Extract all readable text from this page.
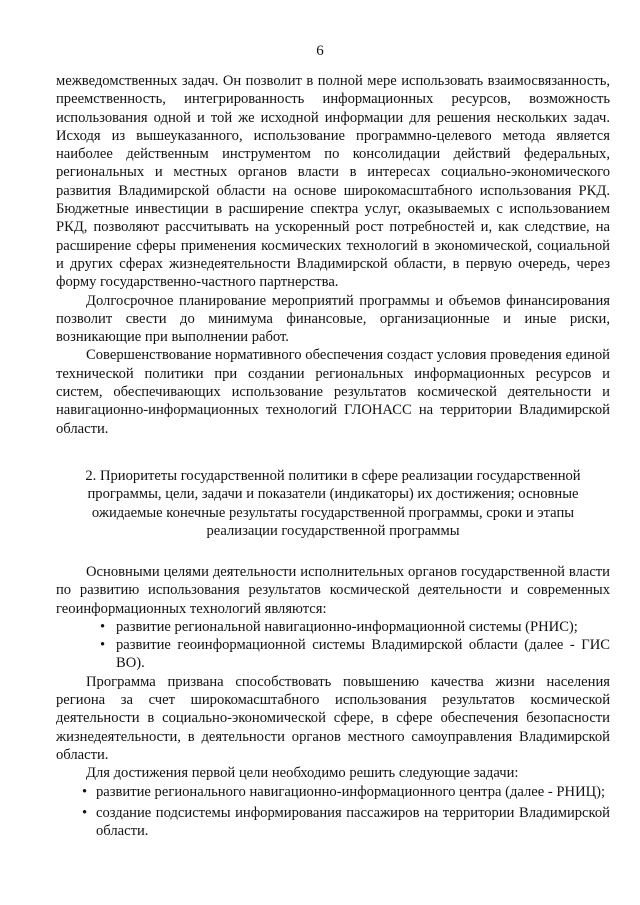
6

межведомственных задач. Он позволит в полной мере использовать взаимосвязанность, преемственность, интегрированность информационных ресурсов, возможность использования одной и той же исходной информации для решения нескольких задач. Исходя из вышеуказанного, использование программно-целевого метода является наиболее действенным инструментом по консолидации действий федеральных, региональных и местных органов власти в интересах социально-экономического развития Владимирской области на основе широкомасштабного использования РКД. Бюджетные инвестиции в расширение спектра услуг, оказываемых с использованием РКД, позволяют рассчитывать на ускоренный рост потребностей и, как следствие, на расширение сферы применения космических технологий в экономической, социальной и других сферах жизнедеятельности Владимирской области, в первую очередь, через форму государственно-частного партнерства.

Долгосрочное планирование мероприятий программы и объемов финансирования позволит свести до минимума финансовые, организационные и иные риски, возникающие при выполнении работ.

Совершенствование нормативного обеспечения создаст условия проведения единой технической политики при создании региональных информационных ресурсов и систем, обеспечивающих использование результатов космической деятельности и навигационно-информационных технологий ГЛОНАСС на территории Владимирской области.

2. Приоритеты государственной политики в сфере реализации государственной программы, цели, задачи и показатели (индикаторы) их достижения; основные ожидаемые конечные результаты государственной программы, сроки и этапы реализации государственной программы

Основными целями деятельности исполнительных органов государственной власти по развитию использования результатов космической деятельности и современных геоинформационных технологий являются:

• развитие региональной навигационно-информационной системы (РНИС);
• развитие геоинформационной системы Владимирской области (далее - ГИС ВО).

Программа призвана способствовать повышению качества жизни населения региона за счет широкомасштабного использования результатов космической деятельности в социально-экономической сфере, в сфере обеспечения безопасности жизнедеятельности, в деятельности органов местного самоуправления Владимирской области.

Для достижения первой цели необходимо решить следующие задачи:

• развитие регионального навигационно-информационного центра (далее - РНИЦ);
• создание подсистемы информирования пассажиров на территории Владимирской области.
